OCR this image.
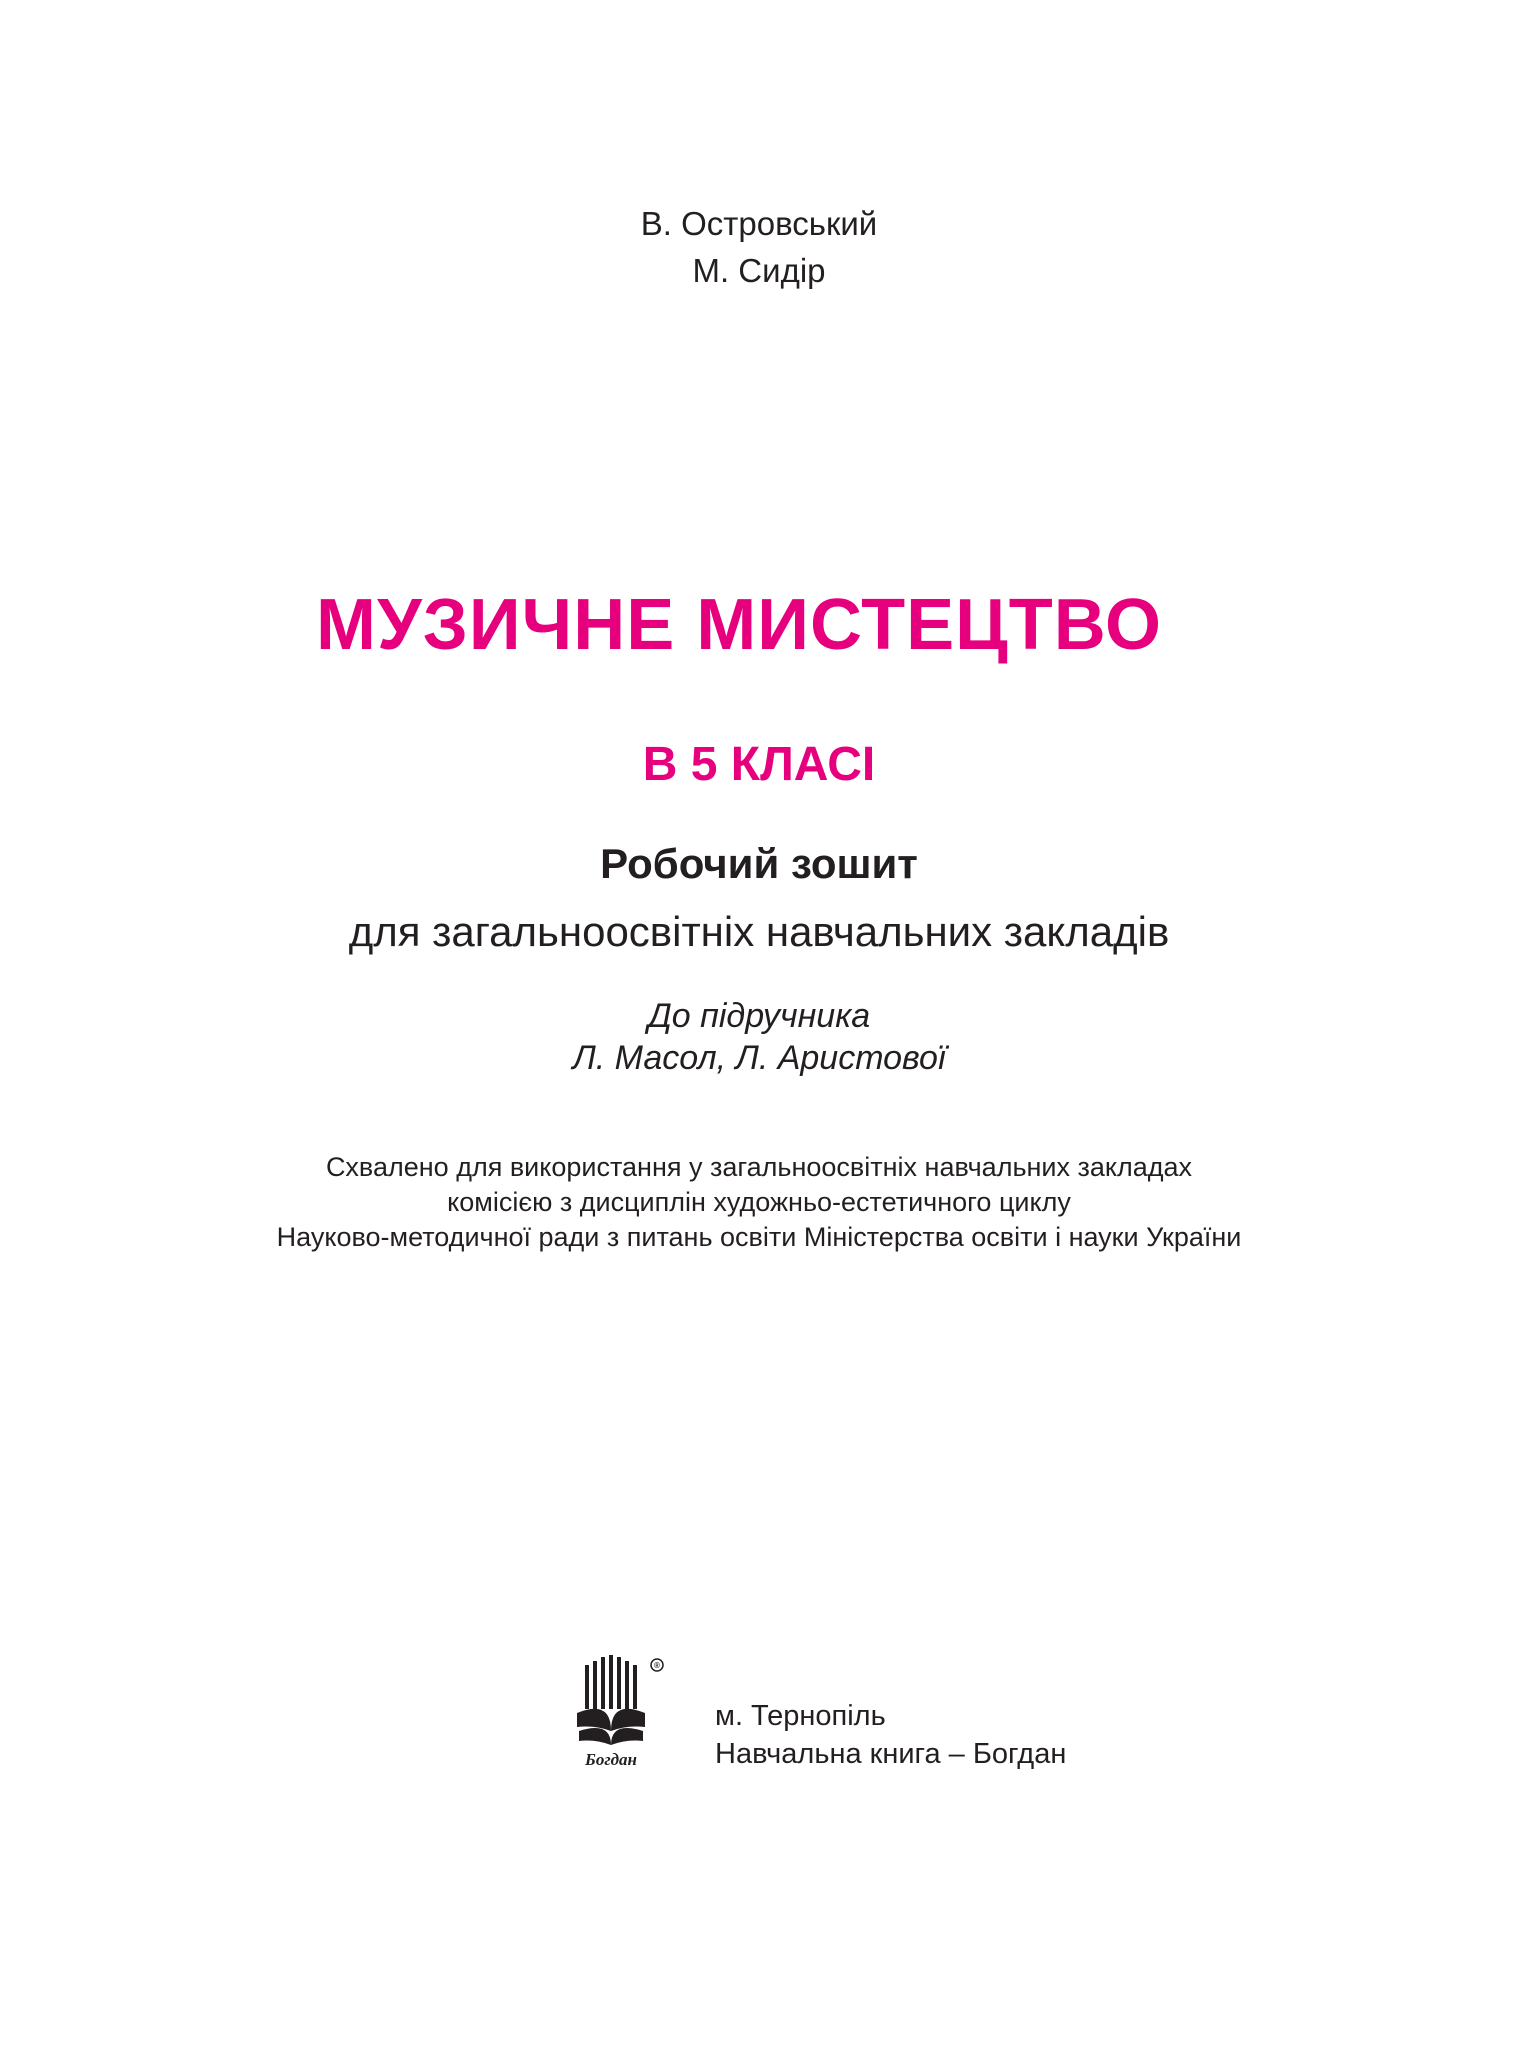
В. Островський
М. Сидір
МУЗИЧНЕ МИСТЕЦТВО
В 5 КЛАСІ
Робочий зошит
для загальноосвітніх навчальних закладів
До підручника
Л. Масол, Л. Аристової
Схвалено для використання у загальноосвітніх навчальних закладах
комісією з дисциплін художньо-естетичного циклу
Науково-методичної ради з питань освіти Міністерства освіти і науки України
®
Богдан
м. Тернопіль
Навчальна книга – Богдан
